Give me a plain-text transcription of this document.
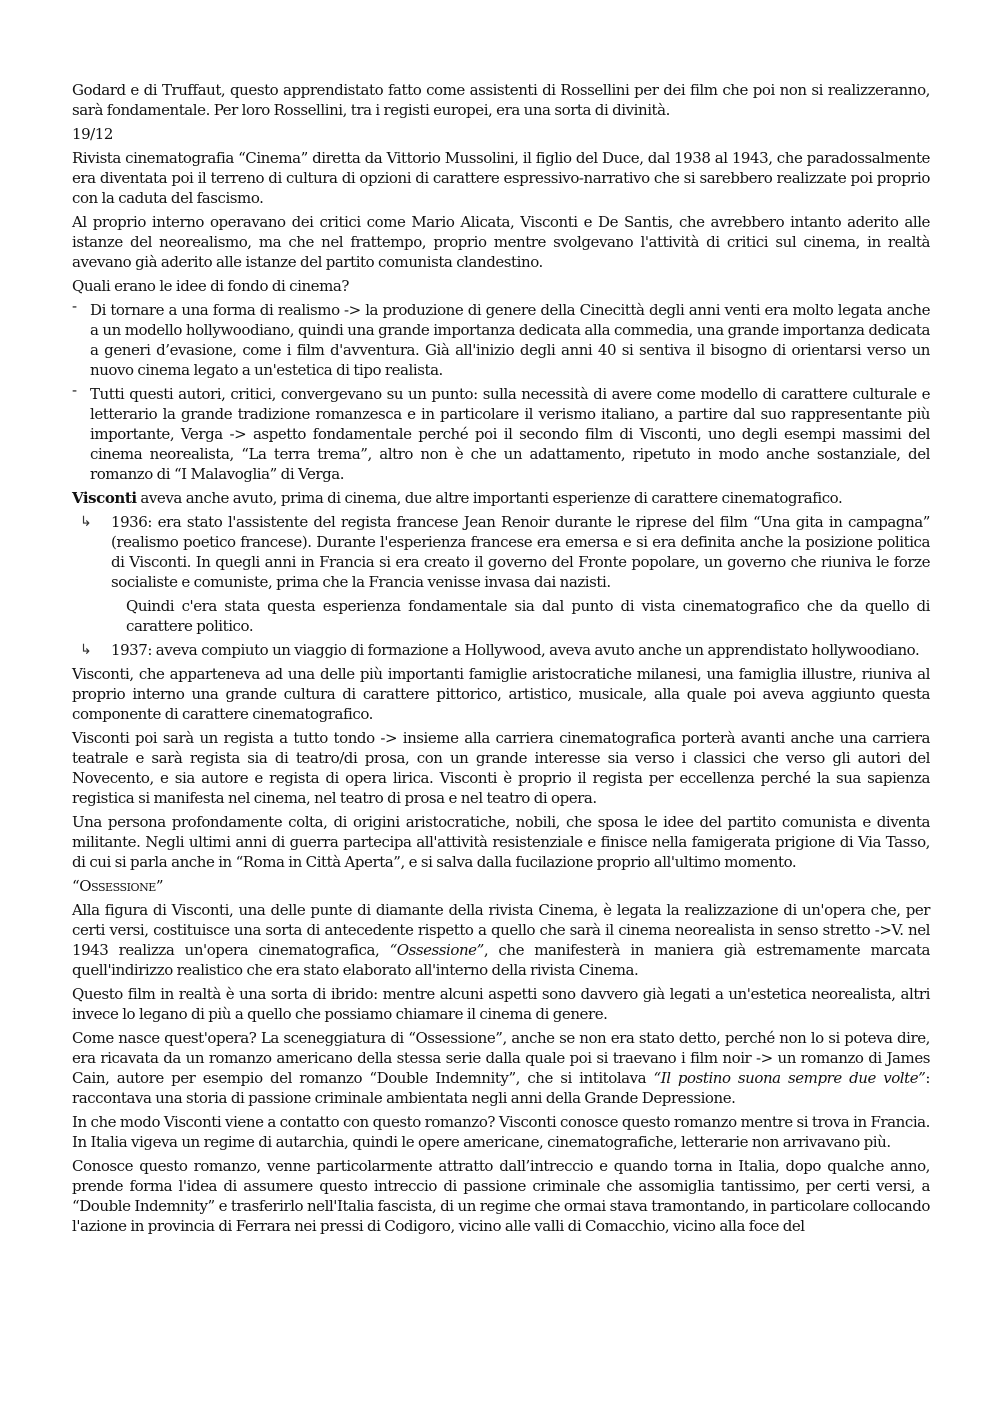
Godard e di Truffaut, questo apprendistato fatto come assistenti di Rossellini per dei film che poi non si realizzeranno, sarà fondamentale. Per loro Rossellini, tra i registi europei, era una sorta di divinità.

19/12

Rivista cinematografia “Cinema” diretta da Vittorio Mussolini, il figlio del Duce, dal 1938 al 1943, che paradossalmente era diventata poi il terreno di cultura di opzioni di carattere espressivo-narrativo che si sarebbero realizzate poi proprio con la caduta del fascismo.

Al proprio interno operavano dei critici come Mario Alicata, Visconti e De Santis, che avrebbero intanto aderito alle istanze del neorealismo, ma che nel frattempo, proprio mentre svolgevano l'attività di critici sul cinema, in realtà avevano già aderito alle istanze del partito comunista clandestino.

Quali erano le idee di fondo di cinema?

- Di tornare a una forma di realismo -> la produzione di genere della Cinecittà degli anni venti era molto legata anche a un modello hollywoodiano, quindi una grande importanza dedicata alla commedia, una grande importanza dedicata a generi d’evasione, come i film d'avventura. Già all'inizio degli anni 40 si sentiva il bisogno di orientarsi verso un nuovo cinema legato a un'estetica di tipo realista.
- Tutti questi autori, critici, convergevano su un punto: sulla necessità di avere come modello di carattere culturale e letterario la grande tradizione romanzesca e in particolare il verismo italiano, a partire dal suo rappresentante più importante, Verga -> aspetto fondamentale perché poi il secondo film di Visconti, uno degli esempi massimi del cinema neorealista, “La terra trema”, altro non è che un adattamento, ripetuto in modo anche sostanziale, del romanzo di “I Malavoglia” di Verga.

Visconti aveva anche avuto, prima di cinema, due altre importanti esperienze di carattere cinematografico.

↳ 1936: era stato l'assistente del regista francese Jean Renoir durante le riprese del film “Una gita in campagna” (realismo poetico francese). Durante l'esperienza francese era emersa e si era definita anche la posizione politica di Visconti. In quegli anni in Francia si era creato il governo del Fronte popolare, un governo che riuniva le forze socialiste e comuniste, prima che la Francia venisse invasa dai nazisti.

Quindi c'era stata questa esperienza fondamentale sia dal punto di vista cinematografico che da quello di carattere politico.

↳ 1937: aveva compiuto un viaggio di formazione a Hollywood, aveva avuto anche un apprendistato hollywoodiano.

Visconti, che apparteneva ad una delle più importanti famiglie aristocratiche milanesi, una famiglia illustre, riuniva al proprio interno una grande cultura di carattere pittorico, artistico, musicale, alla quale poi aveva aggiunto questa componente di carattere cinematografico.

Visconti poi sarà un regista a tutto tondo -> insieme alla carriera cinematografica porterà avanti anche una carriera teatrale e sarà regista sia di teatro/di prosa, con un grande interesse sia verso i classici che verso gli autori del Novecento, e sia autore e regista di opera lirica. Visconti è proprio il regista per eccellenza perché la sua sapienza registica si manifesta nel cinema, nel teatro di prosa e nel teatro di opera.

Una persona profondamente colta, di origini aristocratiche, nobili, che sposa le idee del partito comunista e diventa militante. Negli ultimi anni di guerra partecipa all'attività resistenziale e finisce nella famigerata prigione di Via Tasso, di cui si parla anche in “Roma in Città Aperta”, e si salva dalla fucilazione proprio all'ultimo momento.

“Ossessione”

Alla figura di Visconti, una delle punte di diamante della rivista Cinema, è legata la realizzazione di un'opera che, per certi versi, costituisce una sorta di antecedente rispetto a quello che sarà il cinema neorealista in senso stretto ->V. nel 1943 realizza un'opera cinematografica, “Ossessione”, che manifesterà in maniera già estremamente marcata quell'indirizzo realistico che era stato elaborato all'interno della rivista Cinema.

Questo film in realtà è una sorta di ibrido: mentre alcuni aspetti sono davvero già legati a un'estetica neorealista, altri invece lo legano di più a quello che possiamo chiamare il cinema di genere.

Come nasce quest'opera? La sceneggiatura di “Ossessione”, anche se non era stato detto, perché non lo si poteva dire, era ricavata da un romanzo americano della stessa serie dalla quale poi si traevano i film noir -> un romanzo di James Cain, autore per esempio del romanzo “Double Indemnity”, che si intitolava “Il postino suona sempre due volte”: raccontava una storia di passione criminale ambientata negli anni della Grande Depressione.

In che modo Visconti viene a contatto con questo romanzo? Visconti conosce questo romanzo mentre si trova in Francia. In Italia vigeva un regime di autarchia, quindi le opere americane, cinematografiche, letterarie non arrivavano più.

Conosce questo romanzo, venne particolarmente attratto dall’intreccio e quando torna in Italia, dopo qualche anno, prende forma l'idea di assumere questo intreccio di passione criminale che assomiglia tantissimo, per certi versi, a “Double Indemnity” e trasferirlo nell'Italia fascista, di un regime che ormai stava tramontando, in particolare collocando l'azione in provincia di Ferrara nei pressi di Codigoro, vicino alle valli di Comacchio, vicino alla foce del
